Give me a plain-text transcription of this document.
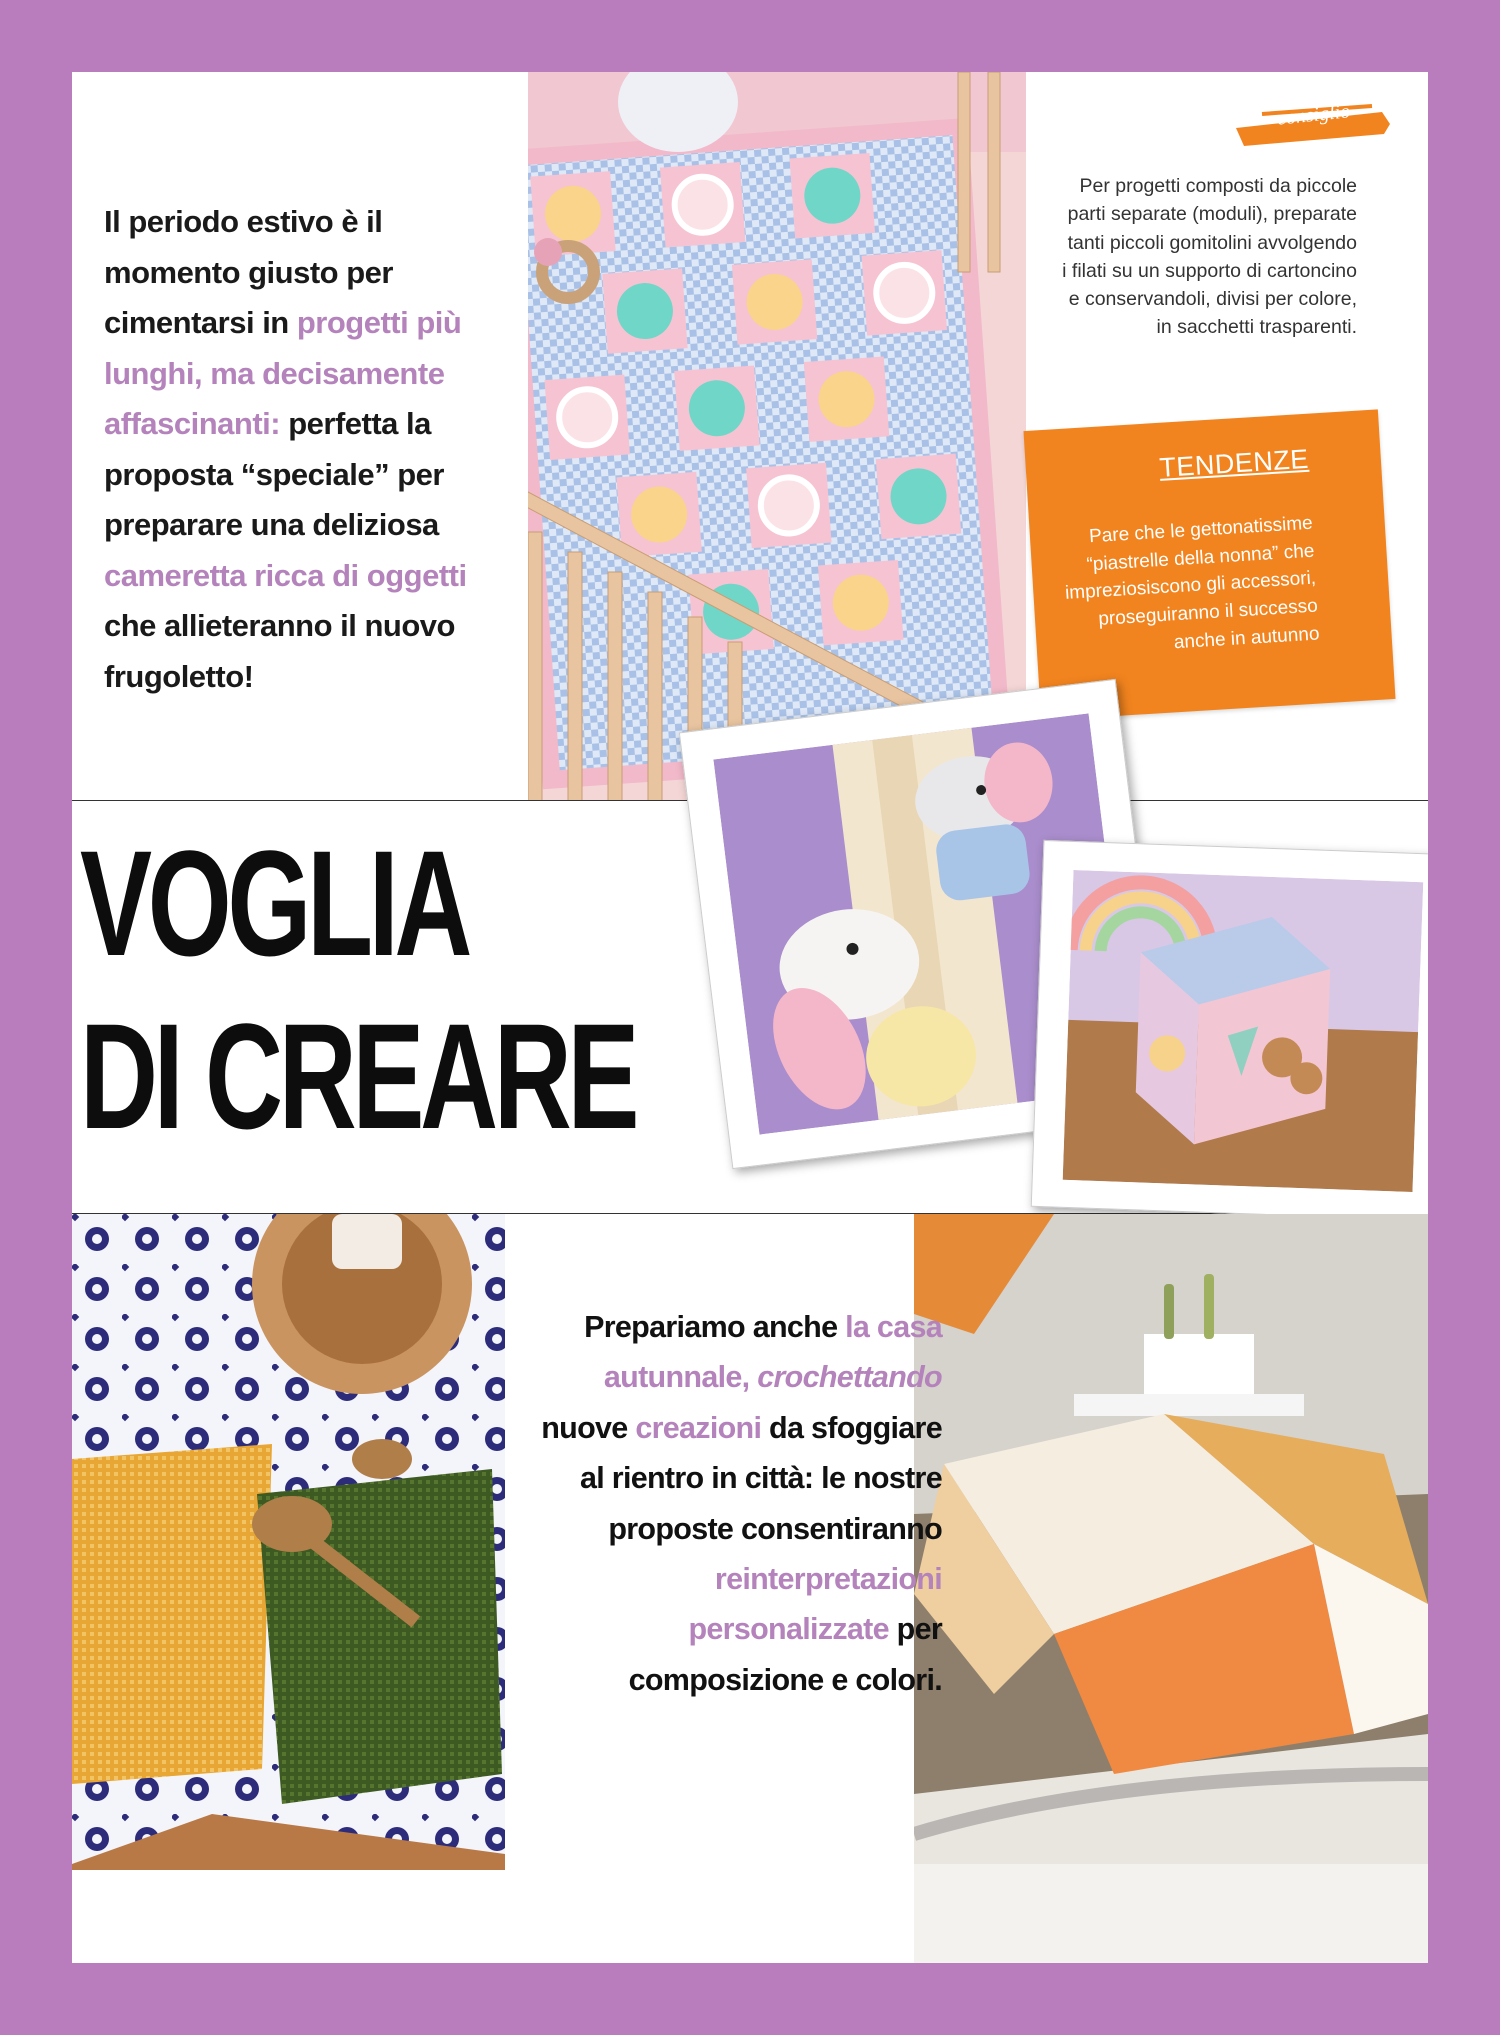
Il periodo estivo è il momento giusto per cimentarsi in progetti più lunghi, ma decisamente affascinanti: perfetta la proposta “speciale” per preparare una deliziosa cameretta ricca di oggetti che allieteranno il nuovo frugoletto!
consiglio
Per progetti composti da piccole parti separate (moduli), preparate tanti piccoli gomitolini avvolgendo i filati su un supporto di cartoncino e conservandoli, divisi per colore, in sacchetti trasparenti.
TENDENZE
Pare che le gettonatissime “piastrelle della nonna” che impreziosiscono gli accessori, proseguiranno il successo anche in autunno
VOGLIA
DI CREARE
Prepariamo anche la casa autunnale, crochettando nuove creazioni da sfoggiare al rientro in città: le nostre proposte consentiranno reinterpretazioni personalizzate per composizione e colori.
